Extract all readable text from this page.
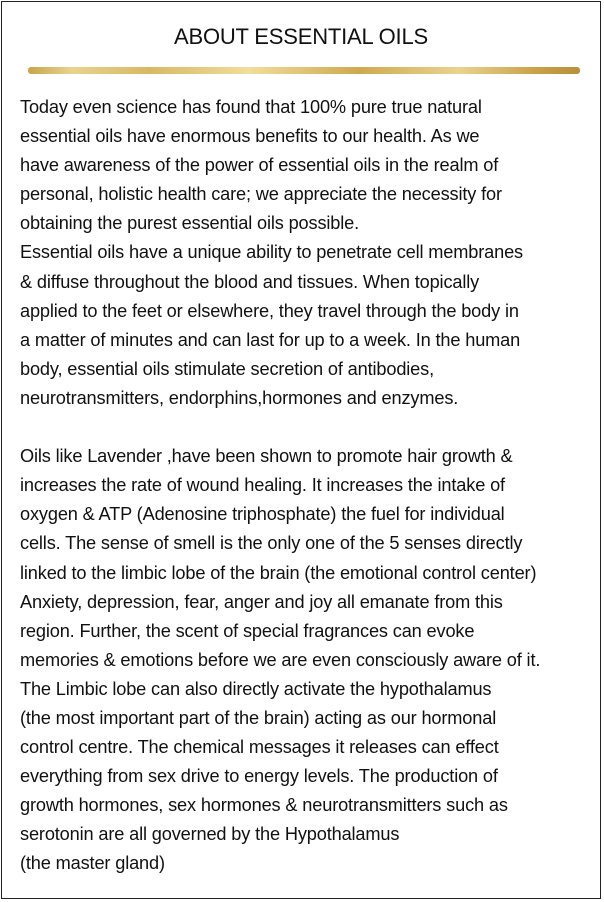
ABOUT ESSENTIAL OILS
Today even science has found that 100% pure true natural
essential oils have enormous benefits to our health. As we
have awareness of the power of essential oils in the realm of
personal, holistic health care; we appreciate the necessity for
obtaining the purest essential oils possible.
Essential oils have a unique ability to penetrate cell membranes
& diffuse throughout the blood and tissues. When topically
applied to the feet or elsewhere, they travel through the body in
a matter of minutes and can last for up to a week. In the human
body, essential oils stimulate secretion of antibodies,
neurotransmitters, endorphins,hormones and enzymes.
Oils like Lavender ,have been shown to promote hair growth &
increases the rate of wound healing. It increases the intake of
oxygen & ATP (Adenosine triphosphate) the fuel for individual
cells. The sense of smell is the only one of the 5 senses directly
linked to the limbic lobe of the brain (the emotional control center)
Anxiety, depression, fear, anger and joy all emanate from this
region. Further, the scent of special fragrances can evoke
memories & emotions before we are even consciously aware of it.
The Limbic lobe can also directly activate the hypothalamus
(the most important part of the brain) acting as our hormonal
control centre. The chemical messages it releases can effect
everything from sex drive to energy levels. The production of
growth hormones, sex hormones & neurotransmitters such as
serotonin are all governed by the Hypothalamus
(the master gland)
